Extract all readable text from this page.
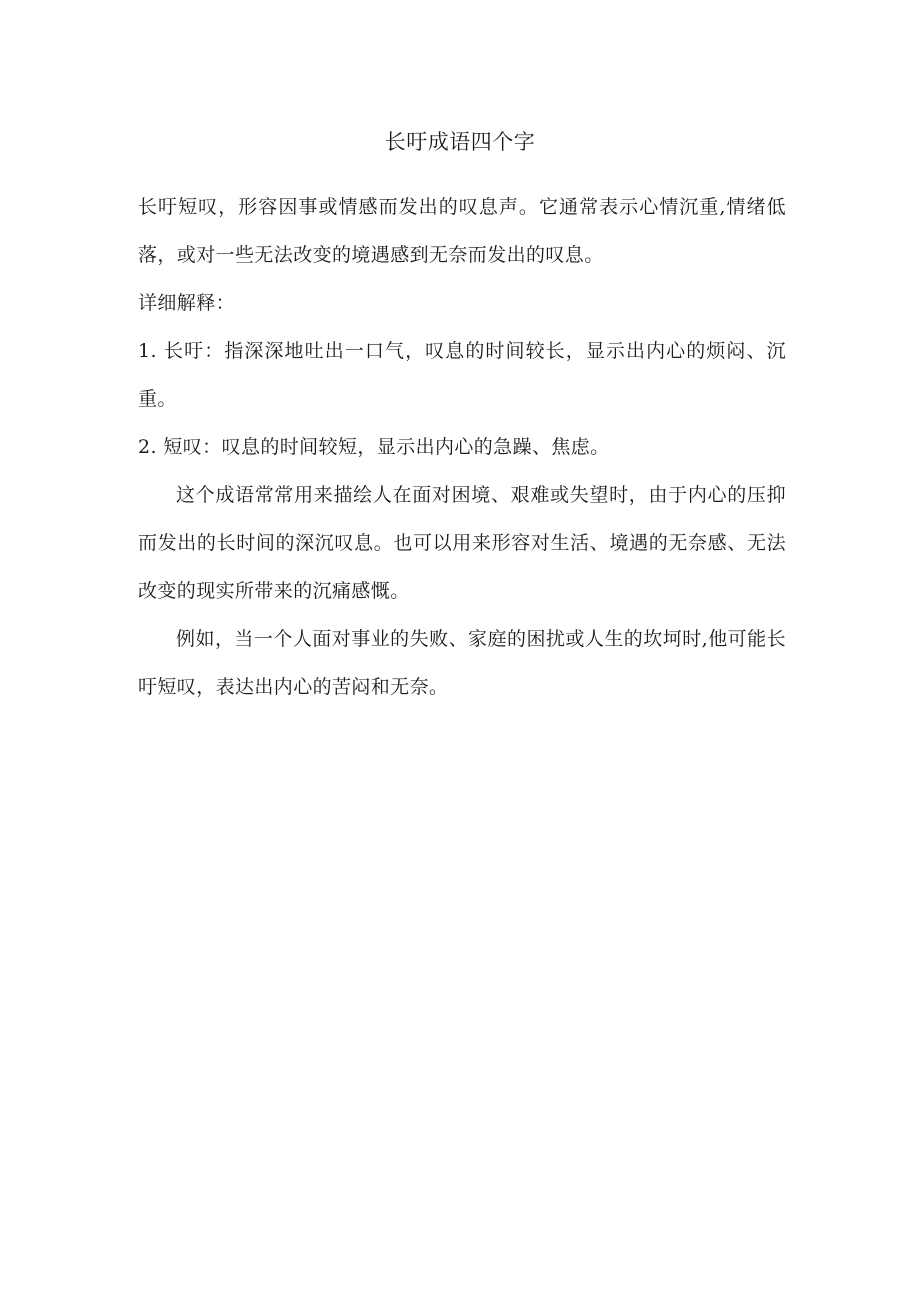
长吁成语四个字

长吁短叹，形容因事或情感而发出的叹息声。它通常表示心情沉重,情绪低落，或对一些无法改变的境遇感到无奈而发出的叹息。

详细解释：

1. 长吁：指深深地吐出一口气，叹息的时间较长，显示出内心的烦闷、沉重。

2. 短叹：叹息的时间较短，显示出内心的急躁、焦虑。

这个成语常常用来描绘人在面对困境、艰难或失望时，由于内心的压抑而发出的长时间的深沉叹息。也可以用来形容对生活、境遇的无奈感、无法改变的现实所带来的沉痛感慨。

例如，当一个人面对事业的失败、家庭的困扰或人生的坎坷时,他可能长吁短叹，表达出内心的苦闷和无奈。
